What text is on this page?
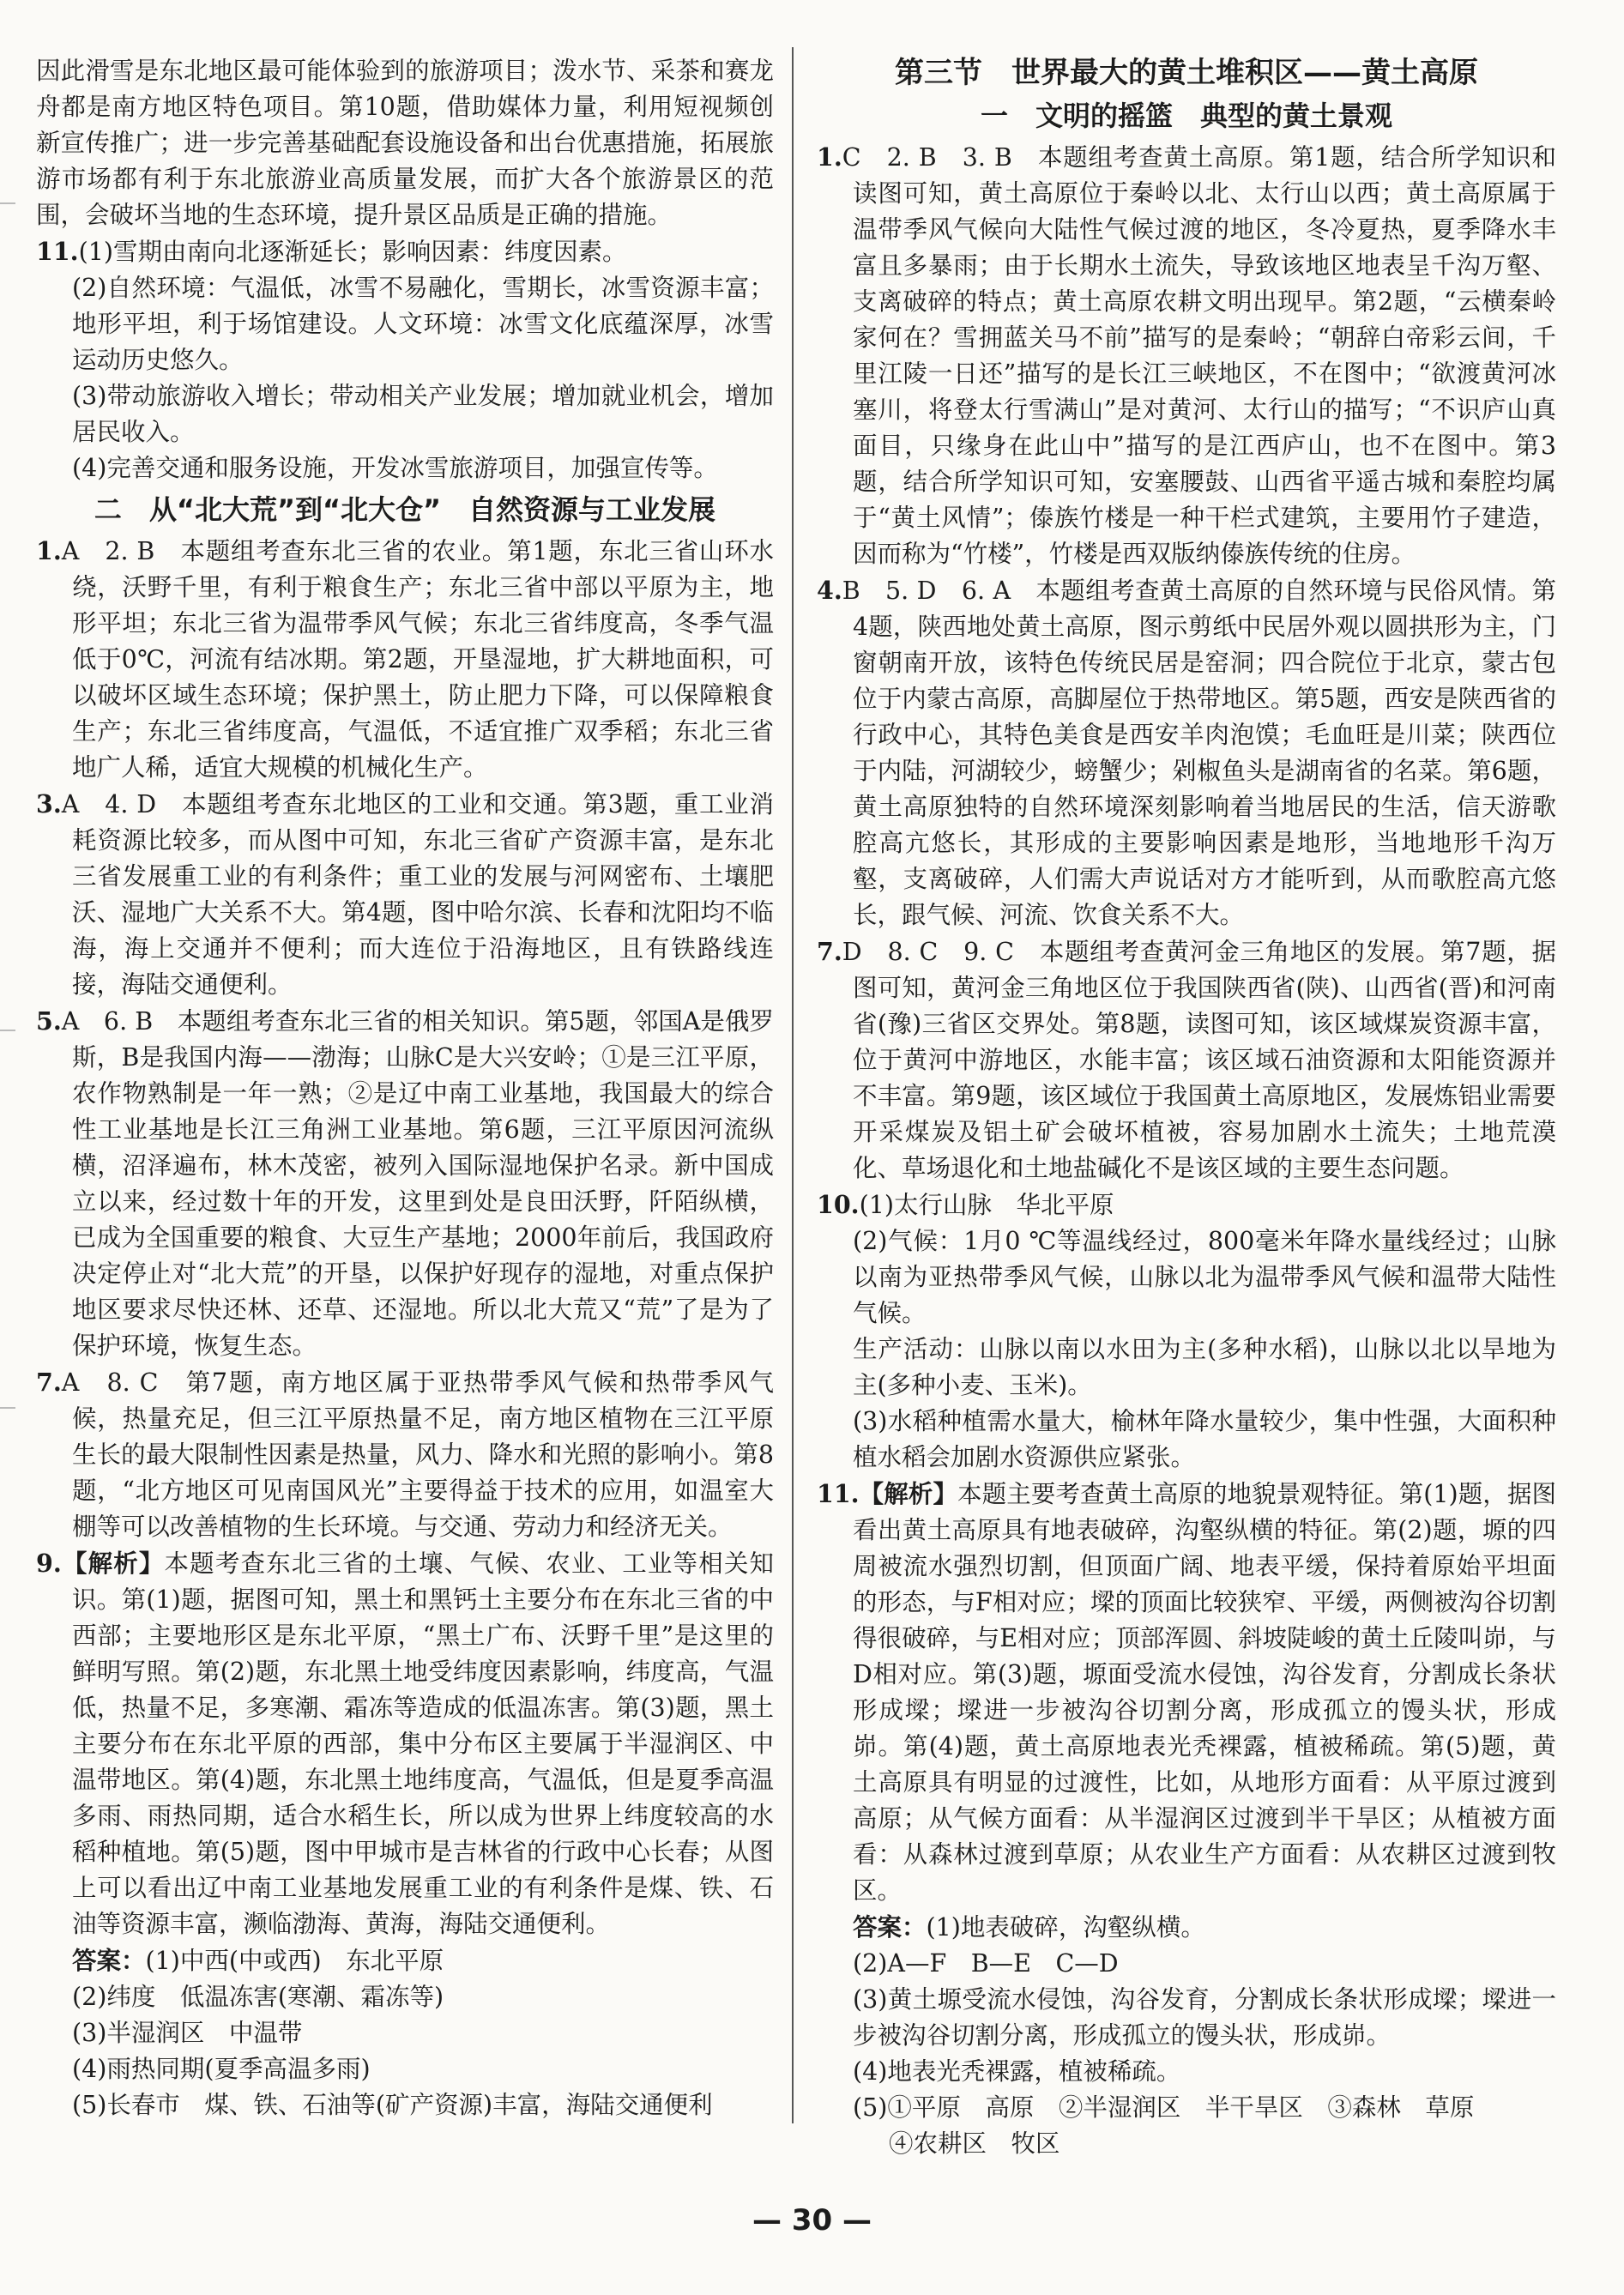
因此滑雪是东北地区最可能体验到的旅游项目；泼水节、采茶和赛龙舟都是南方地区特色项目。第10题，借助媒体力量，利用短视频创新宣传推广；进一步完善基础配套设施设备和出台优惠措施，拓展旅游市场都有利于东北旅游业高质量发展，而扩大各个旅游景区的范围，会破坏当地的生态环境，提升景区品质是正确的措施。
11.(1)雪期由南向北逐渐延长；影响因素：纬度因素。
(2)自然环境：气温低，冰雪不易融化，雪期长，冰雪资源丰富；地形平坦，利于场馆建设。人文环境：冰雪文化底蕴深厚，冰雪运动历史悠久。
(3)带动旅游收入增长；带动相关产业发展；增加就业机会，增加居民收入。
(4)完善交通和服务设施，开发冰雪旅游项目，加强宣传等。
二　从“北大荒”到“北大仓”　自然资源与工业发展
1.A　2. B　本题组考查东北三省的农业。第1题，东北三省山环水绕，沃野千里，有利于粮食生产；东北三省中部以平原为主，地形平坦；东北三省为温带季风气候；东北三省纬度高，冬季气温低于0℃，河流有结冰期。第2题，开垦湿地，扩大耕地面积，可以破坏区域生态环境；保护黑土，防止肥力下降，可以保障粮食生产；东北三省纬度高，气温低，不适宜推广双季稻；东北三省地广人稀，适宜大规模的机械化生产。
3.A　4. D　本题组考查东北地区的工业和交通。第3题，重工业消耗资源比较多，而从图中可知，东北三省矿产资源丰富，是东北三省发展重工业的有利条件；重工业的发展与河网密布、土壤肥沃、湿地广大关系不大。第4题，图中哈尔滨、长春和沈阳均不临海，海上交通并不便利；而大连位于沿海地区，且有铁路线连接，海陆交通便利。
5.A　6. B　本题组考查东北三省的相关知识。第5题，邻国A是俄罗斯，B是我国内海——渤海；山脉C是大兴安岭；①是三江平原，农作物熟制是一年一熟；②是辽中南工业基地，我国最大的综合性工业基地是长江三角洲工业基地。第6题，三江平原因河流纵横，沼泽遍布，林木茂密，被列入国际湿地保护名录。新中国成立以来，经过数十年的开发，这里到处是良田沃野，阡陌纵横，已成为全国重要的粮食、大豆生产基地；2000年前后，我国政府决定停止对“北大荒”的开垦，以保护好现存的湿地，对重点保护地区要求尽快还林、还草、还湿地。所以北大荒又“荒”了是为了保护环境，恢复生态。
7.A　8. C　第7题，南方地区属于亚热带季风气候和热带季风气候，热量充足，但三江平原热量不足，南方地区植物在三江平原生长的最大限制性因素是热量，风力、降水和光照的影响小。第8题，“北方地区可见南国风光”主要得益于技术的应用，如温室大棚等可以改善植物的生长环境。与交通、劳动力和经济无关。
9.【解析】本题考查东北三省的土壤、气候、农业、工业等相关知识。第(1)题，据图可知，黑土和黑钙土主要分布在东北三省的中西部；主要地形区是东北平原，“黑土广布、沃野千里”是这里的鲜明写照。第(2)题，东北黑土地受纬度因素影响，纬度高，气温低，热量不足，多寒潮、霜冻等造成的低温冻害。第(3)题，黑土主要分布在东北平原的西部，集中分布区主要属于半湿润区、中温带地区。第(4)题，东北黑土地纬度高，气温低，但是夏季高温多雨、雨热同期，适合水稻生长，所以成为世界上纬度较高的水稻种植地。第(5)题，图中甲城市是吉林省的行政中心长春；从图上可以看出辽中南工业基地发展重工业的有利条件是煤、铁、石油等资源丰富，濒临渤海、黄海，海陆交通便利。
答案：(1)中西(中或西)　东北平原
(2)纬度　低温冻害(寒潮、霜冻等)
(3)半湿润区　中温带
(4)雨热同期(夏季高温多雨)
(5)长春市　煤、铁、石油等(矿产资源)丰富，海陆交通便利
第三节　世界最大的黄土堆积区——黄土高原
一　文明的摇篮　典型的黄土景观
1.C　2. B　3. B　本题组考查黄土高原。第1题，结合所学知识和读图可知，黄土高原位于秦岭以北、太行山以西；黄土高原属于温带季风气候向大陆性气候过渡的地区，冬冷夏热，夏季降水丰富且多暴雨；由于长期水土流失，导致该地区地表呈千沟万壑、支离破碎的特点；黄土高原农耕文明出现早。第2题，“云横秦岭家何在？雪拥蓝关马不前”描写的是秦岭；“朝辞白帝彩云间，千里江陵一日还”描写的是长江三峡地区，不在图中；“欲渡黄河冰塞川，将登太行雪满山”是对黄河、太行山的描写；“不识庐山真面目，只缘身在此山中”描写的是江西庐山，也不在图中。第3题，结合所学知识可知，安塞腰鼓、山西省平遥古城和秦腔均属于“黄土风情”；傣族竹楼是一种干栏式建筑，主要用竹子建造，因而称为“竹楼”，竹楼是西双版纳傣族传统的住房。
4.B　5. D　6. A　本题组考查黄土高原的自然环境与民俗风情。第4题，陕西地处黄土高原，图示剪纸中民居外观以圆拱形为主，门窗朝南开放，该特色传统民居是窑洞；四合院位于北京，蒙古包位于内蒙古高原，高脚屋位于热带地区。第5题，西安是陕西省的行政中心，其特色美食是西安羊肉泡馍；毛血旺是川菜；陕西位于内陆，河湖较少，螃蟹少；剁椒鱼头是湖南省的名菜。第6题，黄土高原独特的自然环境深刻影响着当地居民的生活，信天游歌腔高亢悠长，其形成的主要影响因素是地形，当地地形千沟万壑，支离破碎，人们需大声说话对方才能听到，从而歌腔高亢悠长，跟气候、河流、饮食关系不大。
7.D　8. C　9. C　本题组考查黄河金三角地区的发展。第7题，据图可知，黄河金三角地区位于我国陕西省(陕)、山西省(晋)和河南省(豫)三省区交界处。第8题，读图可知，该区域煤炭资源丰富，位于黄河中游地区，水能丰富；该区域石油资源和太阳能资源并不丰富。第9题，该区域位于我国黄土高原地区，发展炼铝业需要开采煤炭及铝土矿会破坏植被，容易加剧水土流失；土地荒漠化、草场退化和土地盐碱化不是该区域的主要生态问题。
10.(1)太行山脉　华北平原
(2)气候：1月0 ℃等温线经过，800毫米年降水量线经过；山脉以南为亚热带季风气候，山脉以北为温带季风气候和温带大陆性气候。
生产活动：山脉以南以水田为主(多种水稻)，山脉以北以旱地为主(多种小麦、玉米)。
(3)水稻种植需水量大，榆林年降水量较少，集中性强，大面积种植水稻会加剧水资源供应紧张。
11.【解析】本题主要考查黄土高原的地貌景观特征。第(1)题，据图看出黄土高原具有地表破碎，沟壑纵横的特征。第(2)题，塬的四周被流水强烈切割，但顶面广阔、地表平缓，保持着原始平坦面的形态，与F相对应；墚的顶面比较狭窄、平缓，两侧被沟谷切割得很破碎，与E相对应；顶部浑圆、斜坡陡峻的黄土丘陵叫峁，与D相对应。第(3)题，塬面受流水侵蚀，沟谷发育，分割成长条状形成墚；墚进一步被沟谷切割分离，形成孤立的馒头状，形成峁。第(4)题，黄土高原地表光秃裸露，植被稀疏。第(5)题，黄土高原具有明显的过渡性，比如，从地形方面看：从平原过渡到高原；从气候方面看：从半湿润区过渡到半干旱区；从植被方面看：从森林过渡到草原；从农业生产方面看：从农耕区过渡到牧区。
答案：(1)地表破碎，沟壑纵横。
(2)A—F　B—E　C—D
(3)黄土塬受流水侵蚀，沟谷发育，分割成长条状形成墚；墚进一步被沟谷切割分离，形成孤立的馒头状，形成峁。
(4)地表光秃裸露，植被稀疏。
(5)①平原　高原　②半湿润区　半干旱区　③森林　草原
④农耕区　牧区
— 30 —
